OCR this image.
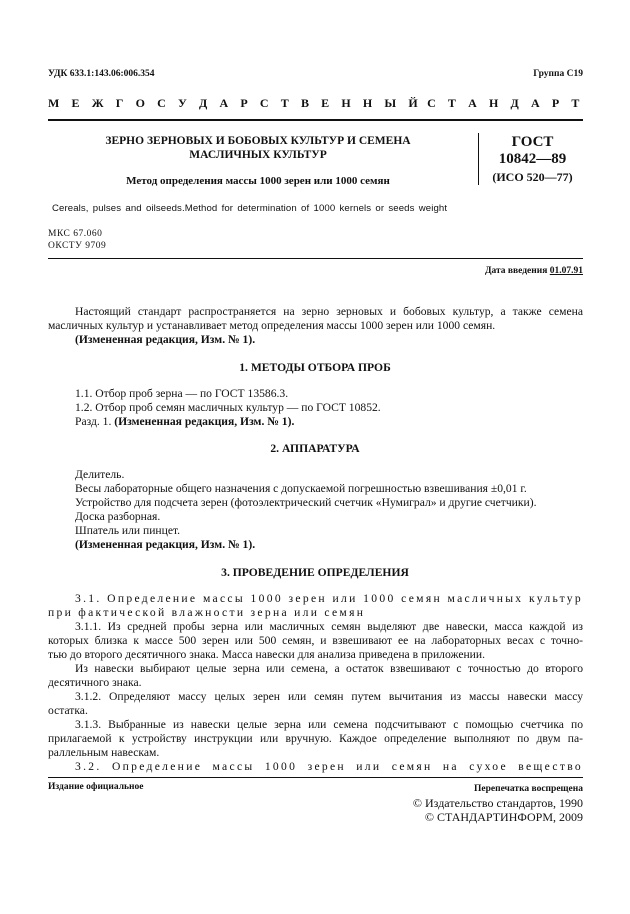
УДК 633.1:143.06:006.354	Группа С19
М Е Ж Г О С У Д А Р С Т В Е Н Н Ы Й С Т А Н Д А Р Т
ЗЕРНО ЗЕРНОВЫХ И БОБОВЫХ КУЛЬТУР И СЕМЕНА
МАСЛИЧНЫХ КУЛЬТУР
Метод определения массы 1000 зерен или 1000 семян
ГОСТ
10842—89
(ИСО 520—77)
Cereals, pulses and oilseeds.Method for determination of 1000 kernels or seeds weight
МКС 67.060
ОКСТУ 9709
Дата введения 01.07.91
Настоящий стандарт распространяется на зерно зерновых и бобовых культур, а также семена
масличных культур и устанавливает метод определения массы 1000 зерен или 1000 семян.
(Измененная редакция, Изм. № 1).
1. МЕТОДЫ ОТБОРА ПРОБ
1.1. Отбор проб зерна — по ГОСТ 13586.3.
1.2. Отбор проб семян масличных культур — по ГОСТ 10852.
Разд. 1. (Измененная редакция, Изм. № 1).
2. АППАРАТУРА
Делитель.
Весы лабораторные общего назначения с допускаемой погрешностью взвешивания ±0,01 г.
Устройство для подсчета зерен (фотоэлектрический счетчик «Нумиграл» и другие счетчики).
Доска разборная.
Шпатель или пинцет.
(Измененная редакция, Изм. № 1).
3. ПРОВЕДЕНИЕ ОПРЕДЕЛЕНИЯ
3.1. Определение массы 1000 зерен или 1000 семян масличных культур
при фактической влажности зерна или семян
3.1.1. Из средней пробы зерна или масличных семян выделяют две навески, масса каждой из
которых близка к массе 500 зерен или 500 семян, и взвешивают ее на лабораторных весах с точно-
тью до второго десятичного знака. Масса навески для анализа приведена в приложении.
Из навески выбирают целые зерна или семена, а остаток взвешивают с точностью до второго
десятичного знака.
3.1.2. Определяют массу целых зерен или семян путем вычитания из массы навески массу
остатка.
3.1.3. Выбранные из навески целые зерна или семена подсчитывают с помощью счетчика по
прилагаемой к устройству инструкции или вручную. Каждое определение выполняют по двум па-
раллельным навескам.
3.2. Определение массы 1000 зерен или семян на сухое вещество
Издание официальное	Перепечатка воспрещена
© Издательство стандартов, 1990
© СТАНДАРТИНФОРМ, 2009
